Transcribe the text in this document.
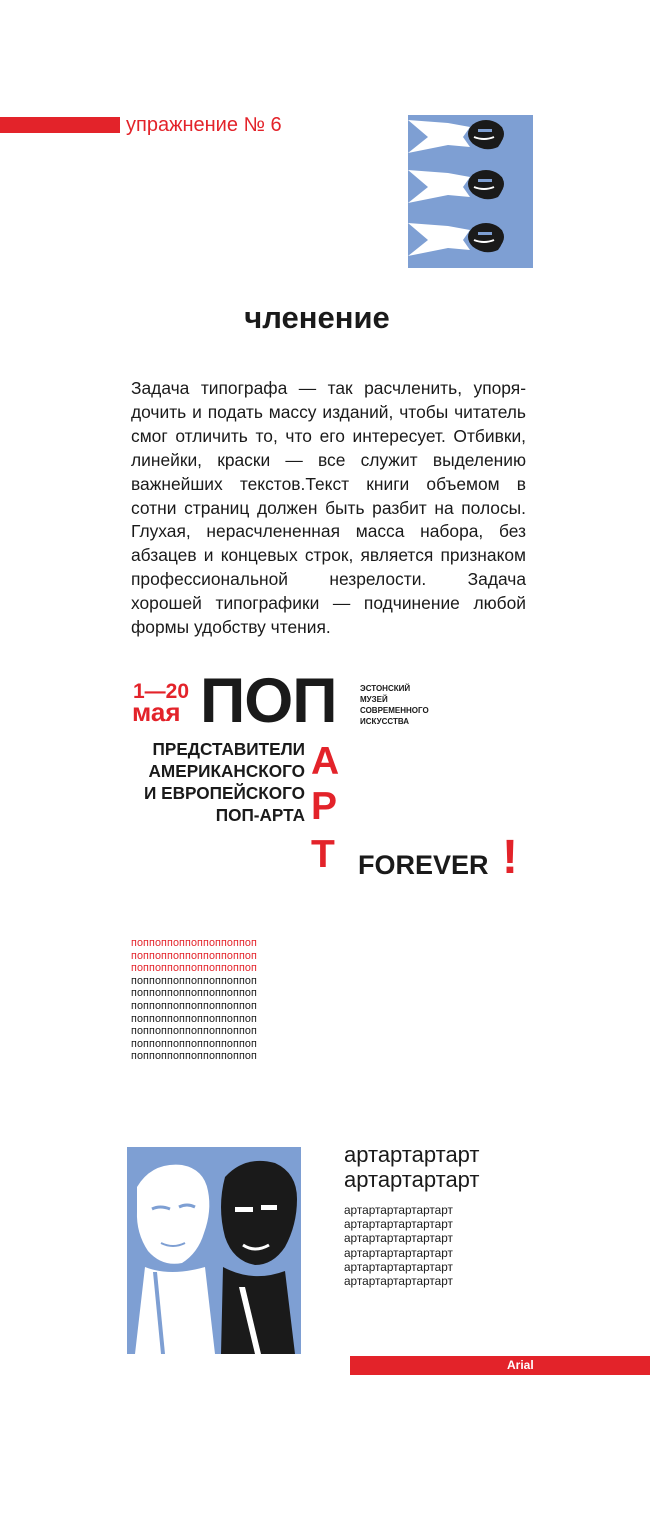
упражнение № 6
членение
Задача типографа — так расчленить, упорядочить и подать массу изданий, чтобы читатель смог отличить то, что его интересует. Отбивки, линейки, краски — все служит выделению важнейших текстов.Текст книги объемом в сотни страниц должен быть разбит на полосы. Глухая, нерасчлененная масса набора, без абзацев и концевых строк, является признаком профессиональной незрелости. Задача хорошей типографики — подчинение любой формы удобству чтения.
1—20
мая ПОП	ЭСТОНСКИЙ
МУЗЕЙ
СОВРЕМЕННОГО
ИСКУССТВА
ПРЕДСТАВИТЕЛИ
АМЕРИКАНСКОГО
И ЕВРОПЕЙСКОГО
ПОП-АРТА
А
Р
Т FOREVER !
поппоппоппоппоппоппоп
поппоппоппоппоппоппоп
поппоппоппоппоппоппоп
поппоппоппоппоппоппоп
поппоппоппоппоппоппоп
поппоппоппоппоппоппоп
поппоппоппоппоппоппоп
поппоппоппоппоппоппоп
поппоппоппоппоппоппоп
поппоппоппоппоппоппоп
артартартарт
артартартарт
артартартартартарт
артартартартартарт
артартартартартарт
артартартартартарт
артартартартартарт
артартартартартарт
Arial
